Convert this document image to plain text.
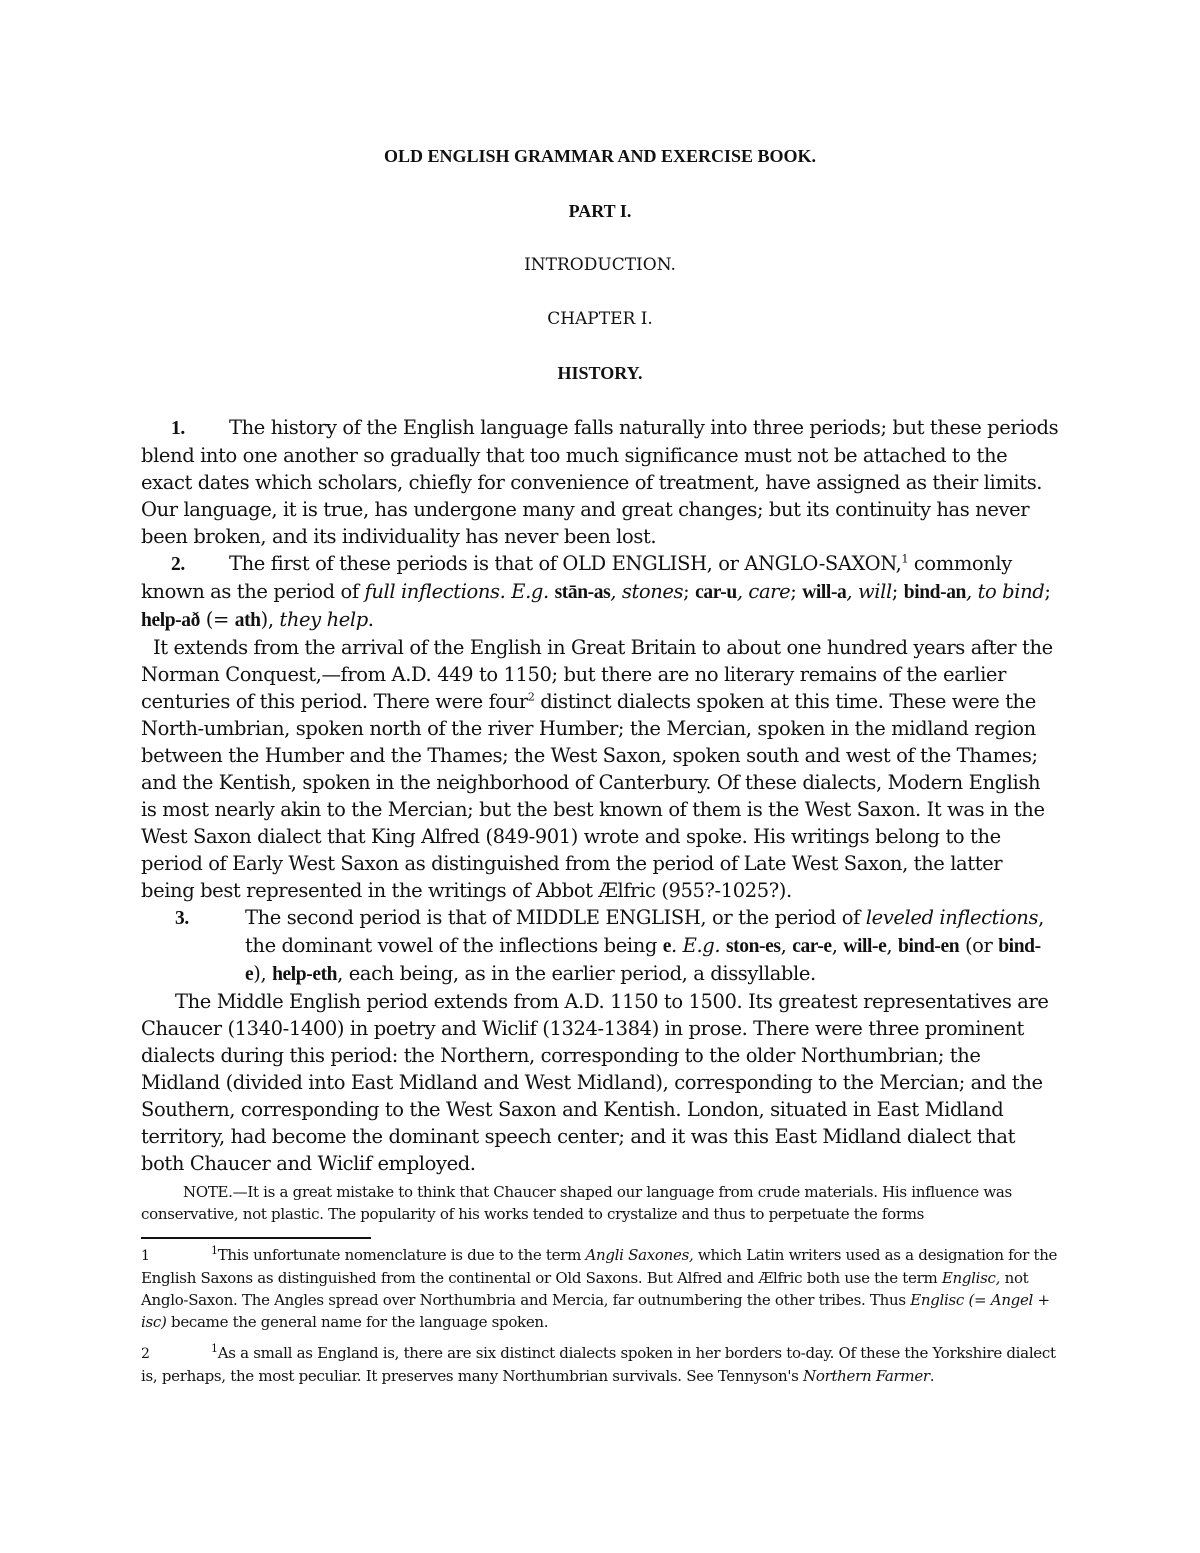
OLD ENGLISH GRAMMAR AND EXERCISE BOOK.
PART I.
INTRODUCTION.
CHAPTER I.
HISTORY.

1. The history of the English language falls naturally into three periods; but these periods blend into one another so gradually that too much significance must not be attached to the exact dates which scholars, chiefly for convenience of treatment, have assigned as their limits. Our language, it is true, has undergone many and great changes; but its continuity has never been broken, and its individuality has never been lost.

2. The first of these periods is that of OLD ENGLISH, or ANGLO-SAXON,$^1$ commonly known as the period of full inflections. E.g. stān-as, stones; car-u, care; will-a, will; bind-an, to bind; help-að (= ath), they help.

It extends from the arrival of the English in Great Britain to about one hundred years after the Norman Conquest,—from A.D. 449 to 1150; but there are no literary remains of the earlier centuries of this period. There were four$^2$ distinct dialects spoken at this time. These were the North-umbrian, spoken north of the river Humber; the Mercian, spoken in the midland region between the Humber and the Thames; the West Saxon, spoken south and west of the Thames; and the Kentish, spoken in the neighborhood of Canterbury. Of these dialects, Modern English is most nearly akin to the Mercian; but the best known of them is the West Saxon. It was in the West Saxon dialect that King Alfred (849-901) wrote and spoke. His writings belong to the period of Early West Saxon as distinguished from the period of Late West Saxon, the latter being best represented in the writings of Abbot Ælfric (955?-1025?).

3.	The second period is that of MIDDLE ENGLISH, or the period of leveled inflections, the dominant vowel of the inflections being e. E.g. ston-es, car-e, will-e, bind-en (or bind-e), help-eth, each being, as in the earlier period, a dissyllable.

The Middle English period extends from A.D. 1150 to 1500. Its greatest representatives are Chaucer (1340-1400) in poetry and Wiclif (1324-1384) in prose. There were three prominent dialects during this period: the Northern, corresponding to the older Northumbrian; the Midland (divided into East Midland and West Midland), corresponding to the Mercian; and the Southern, corresponding to the West Saxon and Kentish. London, situated in East Midland territory, had become the dominant speech center; and it was this East Midland dialect that both Chaucer and Wiclif employed.

NOTE.—It is a great mistake to think that Chaucer shaped our language from crude materials. His influence was conservative, not plastic. The popularity of his works tended to crystalize and thus to perpetuate the forms
1	$^1$This unfortunate nomenclature is due to the term Angli Saxones, which Latin writers used as a designation for the English Saxons as distinguished from the continental or Old Saxons. But Alfred and Ælfric both use the term Englisc, not Anglo-Saxon. The Angles spread over Northumbria and Mercia, far outnumbering the other tribes. Thus Englisc (= Angel + isc) became the general name for the language spoken.
2	$^1$As a small as England is, there are six distinct dialects spoken in her borders to-day. Of these the Yorkshire dialect is, perhaps, the most peculiar. It preserves many Northumbrian survivals. See Tennyson's Northern Farmer.
